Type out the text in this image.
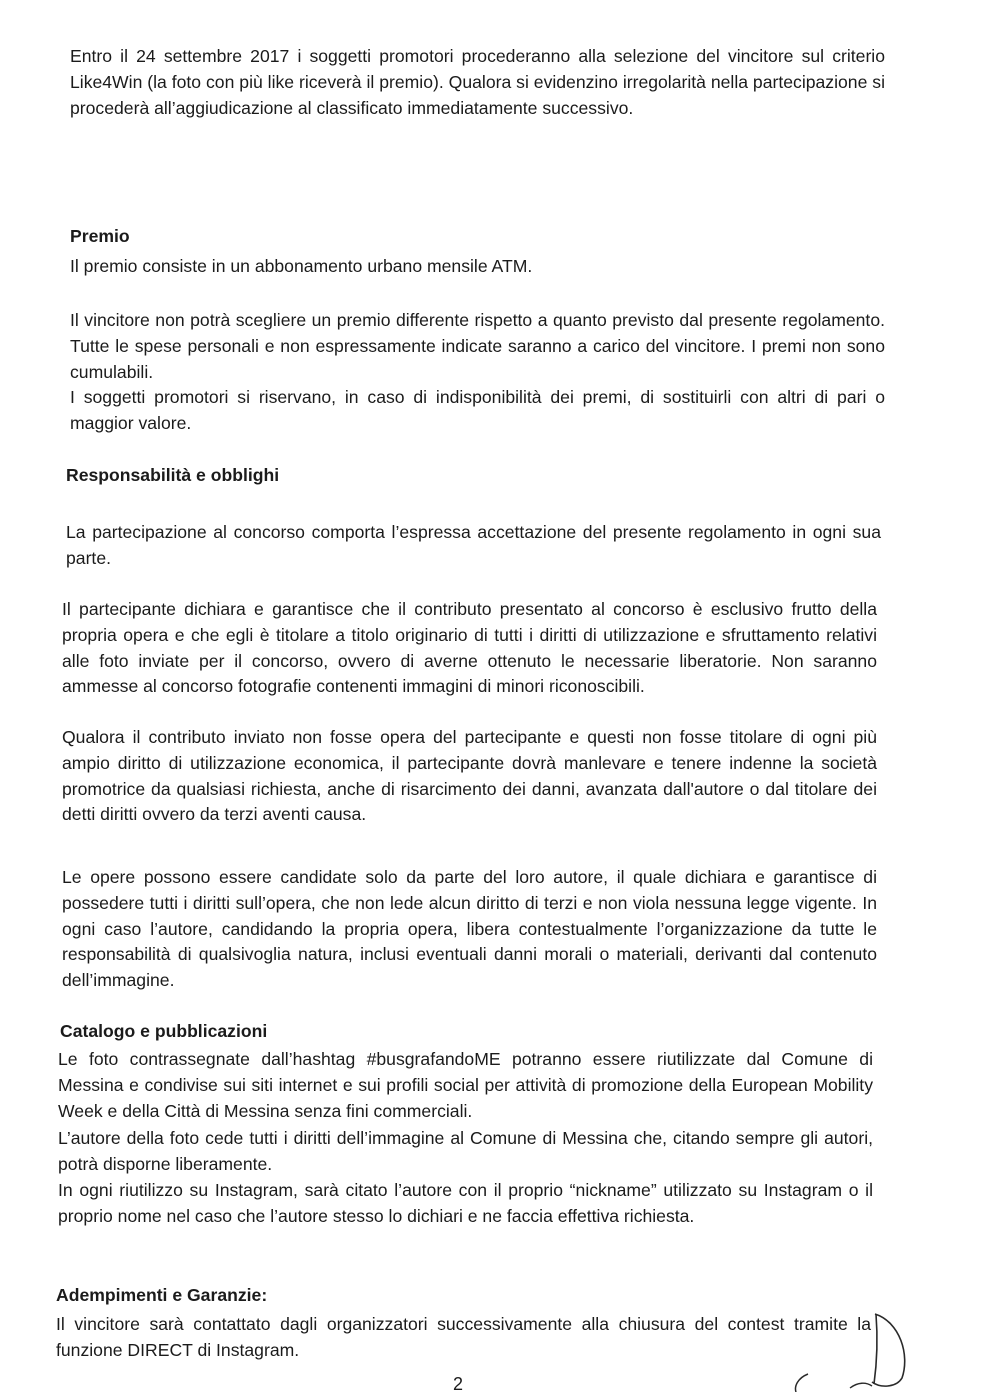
Entro il 24 settembre 2017 i soggetti promotori procederanno alla selezione del vincitore sul criterio Like4Win (la foto con più like riceverà il premio). Qualora si evidenzino irregolarità nella partecipazione si procederà all’aggiudicazione al classificato immediatamente successivo.

Premio

Il premio consiste in un abbonamento urbano mensile ATM.

Il vincitore non potrà scegliere un premio differente rispetto a quanto previsto dal presente regolamento. Tutte le spese personali e non espressamente indicate saranno a carico del vincitore. I premi non sono cumulabili.

I soggetti promotori si riservano, in caso di indisponibilità dei premi, di sostituirli con altri di pari o maggior valore.

Responsabilità e obblighi

La partecipazione al concorso comporta l’espressa accettazione del presente regolamento in ogni sua parte.

Il partecipante dichiara e garantisce che il contributo presentato al concorso è esclusivo frutto della propria opera e che egli è titolare a titolo originario di tutti i diritti di utilizzazione e sfruttamento relativi alle foto inviate per il concorso, ovvero di averne ottenuto le necessarie liberatorie. Non saranno ammesse al concorso fotografie contenenti immagini di minori riconoscibili.

Qualora il contributo inviato non fosse opera del partecipante e questi non fosse titolare di ogni più ampio diritto di utilizzazione economica, il partecipante dovrà manlevare e tenere indenne la società promotrice da qualsiasi richiesta, anche di risarcimento dei danni, avanzata dall'autore o dal titolare dei detti diritti ovvero da terzi aventi causa.

Le opere possono essere candidate solo da parte del loro autore, il quale dichiara e garantisce di possedere tutti i diritti sull’opera, che non lede alcun diritto di terzi e non viola nessuna legge vigente. In ogni caso l’autore, candidando la propria opera, libera contestualmente l’organizzazione da tutte le responsabilità di qualsivoglia natura, inclusi eventuali danni morali o materiali, derivanti dal contenuto dell’immagine.

Catalogo e pubblicazioni

Le foto contrassegnate dall’hashtag #busgrafandoME potranno essere riutilizzate dal Comune di Messina e condivise sui siti internet e sui profili social per attività di promozione della European Mobility Week e della Città di Messina senza fini commerciali.

L’autore della foto cede tutti i diritti dell’immagine al Comune di Messina che, citando sempre gli autori, potrà disporne liberamente.

In ogni riutilizzo su Instagram, sarà citato l’autore con il proprio “nickname” utilizzato su Instagram o il proprio nome nel caso che l’autore stesso lo dichiari e ne faccia effettiva richiesta.

Adempimenti e Garanzie:

Il vincitore sarà contattato dagli organizzatori successivamente alla chiusura del contest tramite la funzione DIRECT di Instagram.

2
